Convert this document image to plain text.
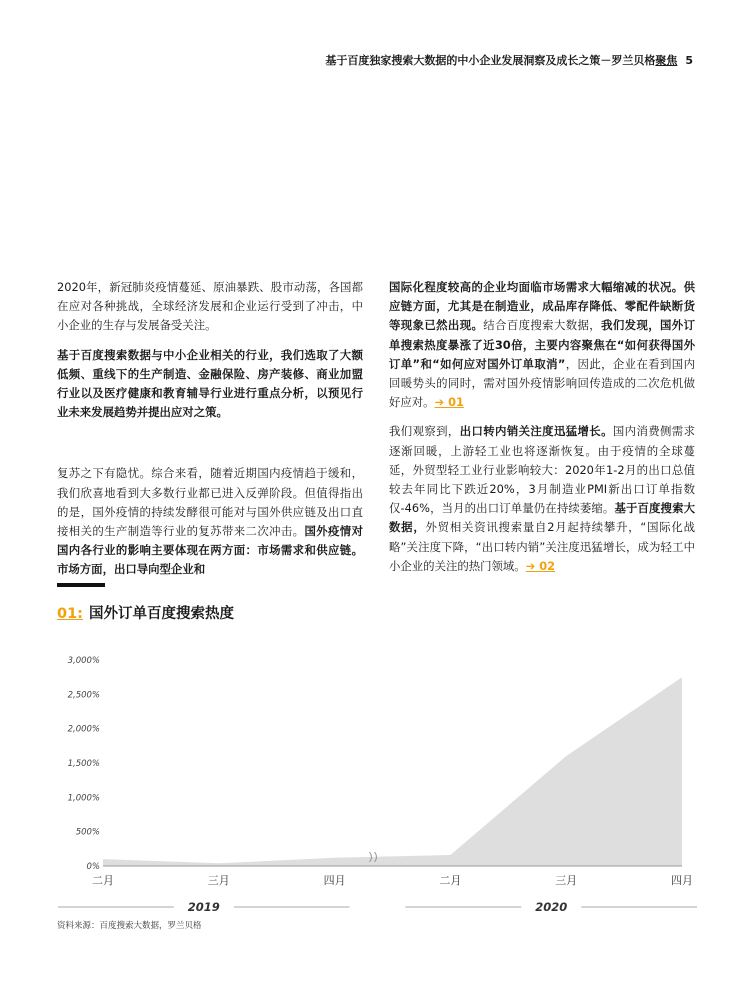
基于百度独家搜索大数据的中小企业发展洞察及成长之策－罗兰贝格聚焦 5

2020年，新冠肺炎疫情蔓延、原油暴跌、股市动荡，各国都在应对各种挑战，全球经济发展和企业运行受到了冲击，中小企业的生存与发展备受关注。

基于百度搜索数据与中小企业相关的行业，我们选取了大额低频、重线下的生产制造、金融保险、房产装修、商业加盟行业以及医疗健康和教育辅导行业进行重点分析，以预见行业未来发展趋势并提出应对之策。

复苏之下有隐忧。综合来看，随着近期国内疫情趋于缓和，我们欣喜地看到大多数行业都已进入反弹阶段。但值得指出的是，国外疫情的持续发酵很可能对与国外供应链及出口直接相关的生产制造等行业的复苏带来二次冲击。国外疫情对国内各行业的影响主要体现在两方面：市场需求和供应链。市场方面，出口导向型企业和

国际化程度较高的企业均面临市场需求大幅缩减的状况。供应链方面，尤其是在制造业，成品库存降低、零配件缺断货等现象已然出现。结合百度搜索大数据，我们发现，国外订单搜索热度暴涨了近30倍，主要内容聚焦在“如何获得国外订单”和“如何应对国外订单取消”，因此，企业在看到国内回暖势头的同时，需对国外疫情影响回传造成的二次危机做好应对。➔ 01

我们观察到，出口转内销关注度迅猛增长。国内消费侧需求逐渐回暖，上游轻工业也将逐渐恢复。由于疫情的全球蔓延，外贸型轻工业行业影响较大：2020年1-2月的出口总值较去年同比下跌近20%，3月制造业PMI新出口订单指数仅-46%，当月的出口订单量仍在持续萎缩。基于百度搜索大数据，外贸相关资讯搜索量自2月起持续攀升，“国际化战略”关注度下降，“出口转内销”关注度迅猛增长，成为轻工中小企业的关注的热门领域。➔ 02

01: 国外订单百度搜索热度
3,000%
2,500%
2,000%
1,500%
1,000%
500%
0%
二月	三月	四月	二月	三月	四月
2019	2020
资料来源：百度搜索大数据，罗兰贝格
